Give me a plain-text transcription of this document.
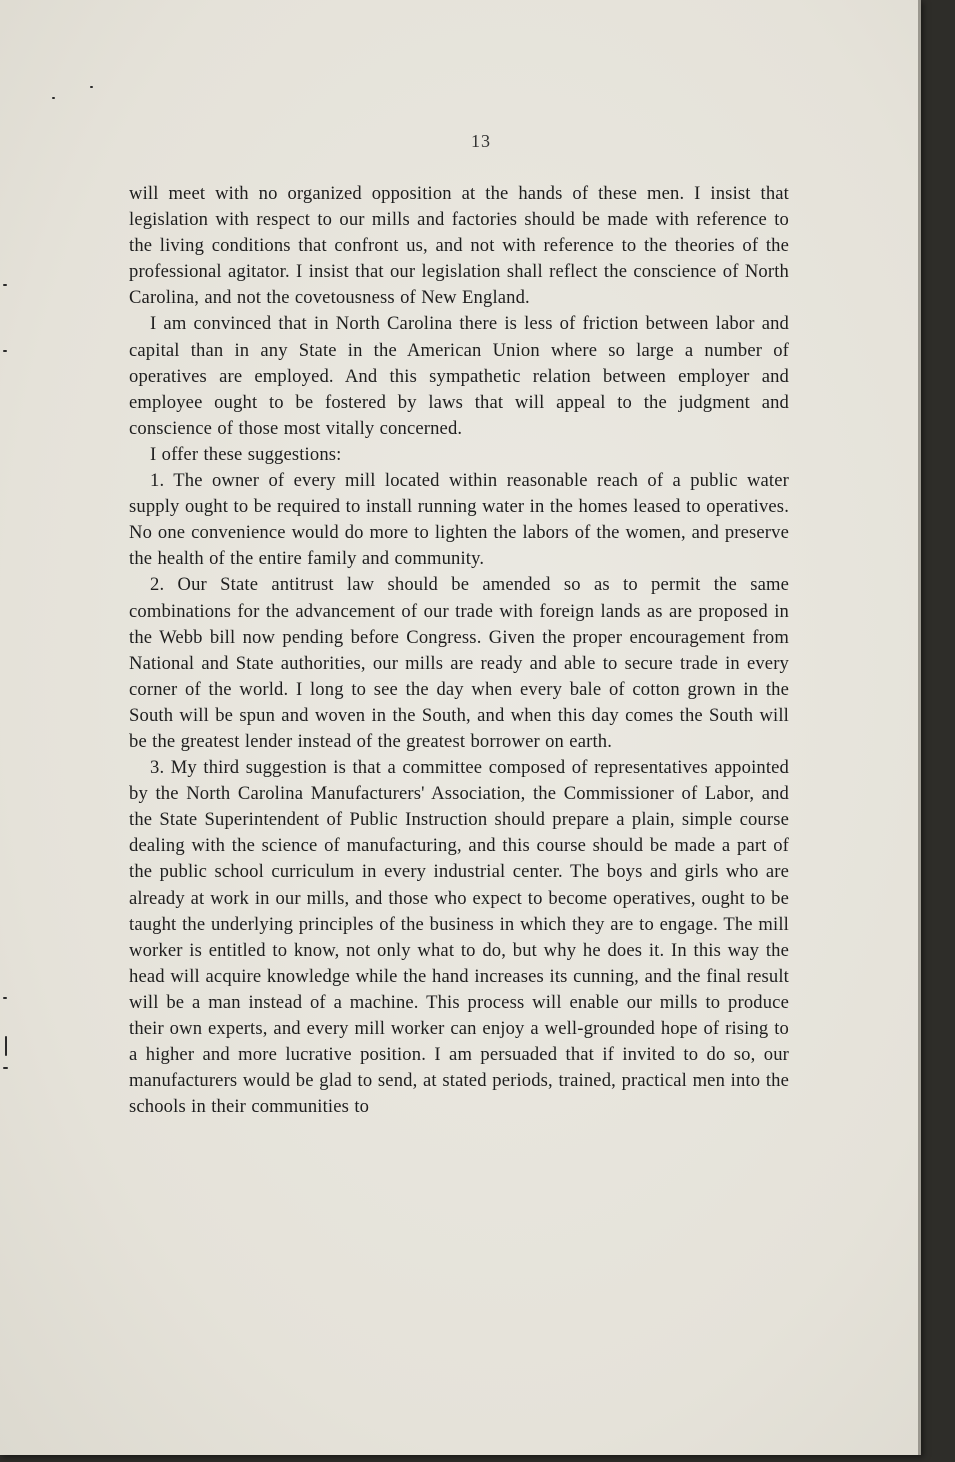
13

will meet with no organized opposition at the hands of these men. I insist that legislation with respect to our mills and factories should be made with reference to the living conditions that confront us, and not with reference to the theories of the professional agitator. I insist that our legislation shall reflect the conscience of North Carolina, and not the covetousness of New England.

I am convinced that in North Carolina there is less of friction between labor and capital than in any State in the American Union where so large a number of operatives are employed. And this sympathetic relation between employer and employee ought to be fostered by laws that will appeal to the judgment and conscience of those most vitally concerned.

I offer these suggestions:

1. The owner of every mill located within reasonable reach of a public water supply ought to be required to install running water in the homes leased to operatives. No one convenience would do more to lighten the labors of the women, and preserve the health of the entire family and community.

2. Our State antitrust law should be amended so as to permit the same combinations for the advancement of our trade with foreign lands as are proposed in the Webb bill now pending before Congress. Given the proper encouragement from National and State authorities, our mills are ready and able to secure trade in every corner of the world. I long to see the day when every bale of cotton grown in the South will be spun and woven in the South, and when this day comes the South will be the greatest lender instead of the greatest borrower on earth.

3. My third suggestion is that a committee composed of representatives appointed by the North Carolina Manufacturers' Association, the Commissioner of Labor, and the State Superintendent of Public Instruction should prepare a plain, simple course dealing with the science of manufacturing, and this course should be made a part of the public school curriculum in every industrial center. The boys and girls who are already at work in our mills, and those who expect to become operatives, ought to be taught the underlying principles of the business in which they are to engage. The mill worker is entitled to know, not only what to do, but why he does it. In this way the head will acquire knowledge while the hand increases its cunning, and the final result will be a man instead of a machine. This process will enable our mills to produce their own experts, and every mill worker can enjoy a well-grounded hope of rising to a higher and more lucrative position. I am persuaded that if invited to do so, our manufacturers would be glad to send, at stated periods, trained, practical men into the schools in their communities to
